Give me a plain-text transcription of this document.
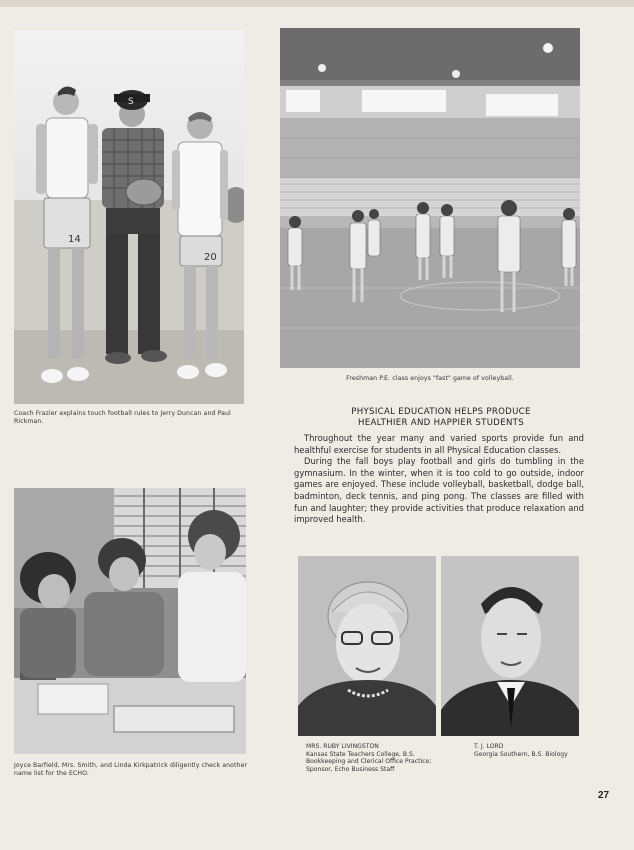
14
S
20
Coach Frazier explains touch football rules to Jerry Duncan and Paul Rickman.
Freshman P.E. class enjoys "fast" game of volleyball.
PHYSICAL EDUCATION HELPS PRODUCE
HEALTHIER AND HAPPIER STUDENTS

Throughout the year many and varied sports provide fun and healthful exercise for students in all Physical Education classes.

During the fall boys play football and girls do tumbling in the gymnasium. In the winter, when it is too cold to go outside, indoor games are enjoyed. These include volleyball, basketball, dodge ball, badminton, deck tennis, and ping pong. The classes are filled with fun and laughter; they provide activities that produce relaxation and improved health.

Joyce Barfield, Mrs. Smith, and Linda Kirkpatrick diligently check another name list for the ECHO.
MRS. RUBY LIVINGSTON
Kansas State Teachers College, B.S. Bookkeeping and Clerical Office Practice; Sponsor, Echo Business Staff
T. J. LORD
Georgia Southern, B.S. Biology
27
